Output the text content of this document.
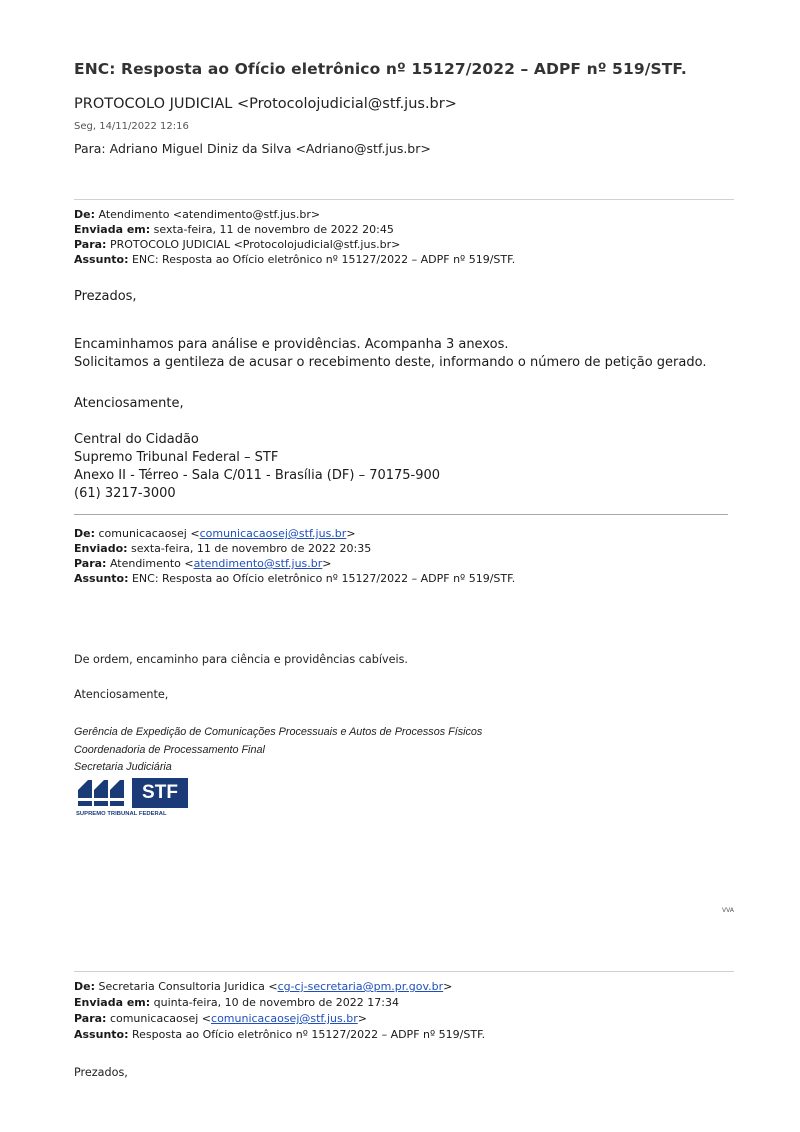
ENC: Resposta ao Ofício eletrônico nº 15127/2022 – ADPF nº 519/STF.
PROTOCOLO JUDICIAL <Protocolojudicial@stf.jus.br>
Seg, 14/11/2022 12:16
Para: Adriano Miguel Diniz da Silva <Adriano@stf.jus.br>
De: Atendimento <atendimento@stf.jus.br>
Enviada em: sexta-feira, 11 de novembro de 2022 20:45
Para: PROTOCOLO JUDICIAL <Protocolojudicial@stf.jus.br>
Assunto: ENC: Resposta ao Ofício eletrônico nº 15127/2022 – ADPF nº 519/STF.
Prezados,
Encaminhamos para análise e providências. Acompanha 3 anexos.
Solicitamos a gentileza de acusar o recebimento deste, informando o número de petição gerado.
Atenciosamente,
Central do Cidadão
Supremo Tribunal Federal – STF
Anexo II - Térreo - Sala C/011 - Brasília (DF) – 70175-900
(61) 3217-3000
De: comunicacaosej <comunicacaosej@stf.jus.br>
Enviado: sexta-feira, 11 de novembro de 2022 20:35
Para: Atendimento <atendimento@stf.jus.br>
Assunto: ENC: Resposta ao Ofício eletrônico nº 15127/2022 – ADPF nº 519/STF.
De ordem, encaminho para ciência e providências cabíveis.
Atenciosamente,
Gerência de Expedição de Comunicações Processuais e Autos de Processos Físicos
Coordenadoria de Processamento Final
Secretaria Judiciária
STF
SUPREMO TRIBUNAL FEDERAL
VVA
De: Secretaria Consultoria Juridica <cg-cj-secretaria@pm.pr.gov.br>
Enviada em: quinta-feira, 10 de novembro de 2022 17:34
Para: comunicacaosej <comunicacaosej@stf.jus.br>
Assunto: Resposta ao Ofício eletrônico nº 15127/2022 – ADPF nº 519/STF.
Prezados,
